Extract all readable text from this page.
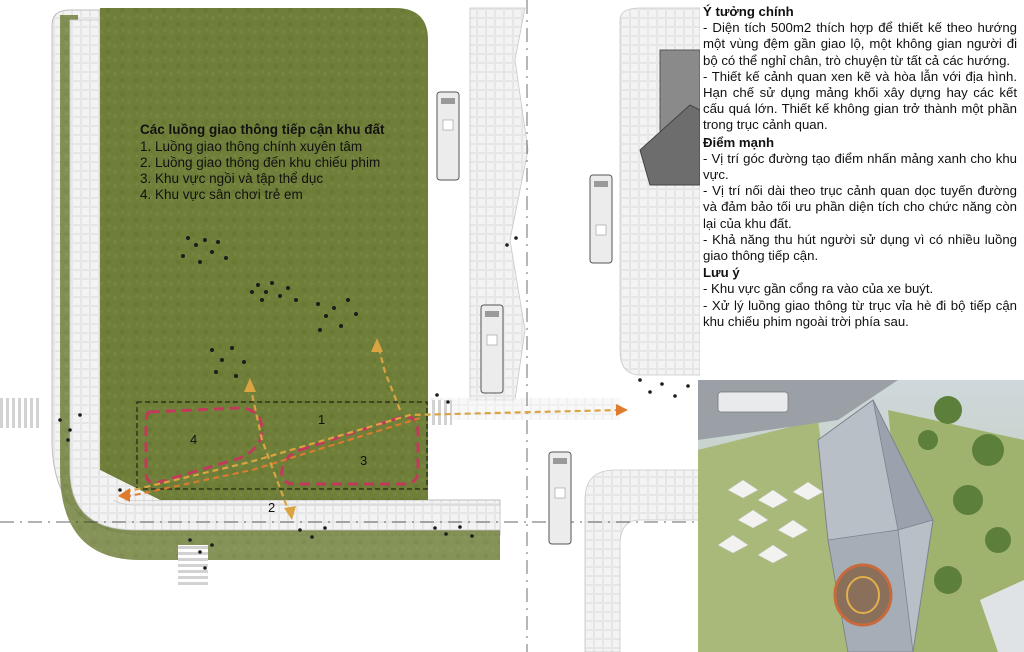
1
2
3
4
Các luồng giao thông tiếp cận khu đất
1. Luồng giao thông chính xuyên tâm
2. Luồng giao thông đến khu chiếu phim
3. Khu vực ngồi và tập thể dục
4. Khu vực sân chơi trẻ em
Ý tưởng chính

- Diện tích 500m2 thích hợp để thiết kế theo hướng một vùng đệm gần giao lộ, một không gian người đi bộ có thể nghỉ chân, trò chuyện từ tất cả các hướng.

- Thiết kế cảnh quan xen kẽ và hòa lẫn với địa hình. Hạn chế sử dụng mảng khối xây dựng hay các kết cấu quá lớn. Thiết kế không gian trở thành một phần trong trục cảnh quan.

Điểm mạnh

- Vị trí góc đường tạo điểm nhấn mảng xanh cho khu vực.

- Vị trí nối dài theo trục cảnh quan dọc tuyến đường và đảm bảo tối ưu phần diện tích cho chức năng còn lại của khu đất.

- Khả năng thu hút người sử dụng vì có nhiều luồng giao thông tiếp cận.

Lưu ý

- Khu vực gần cổng ra vào của xe buýt.

- Xử lý luồng giao thông từ trục vỉa hè đi bộ tiếp cận khu chiếu phim ngoài trời phía sau.
